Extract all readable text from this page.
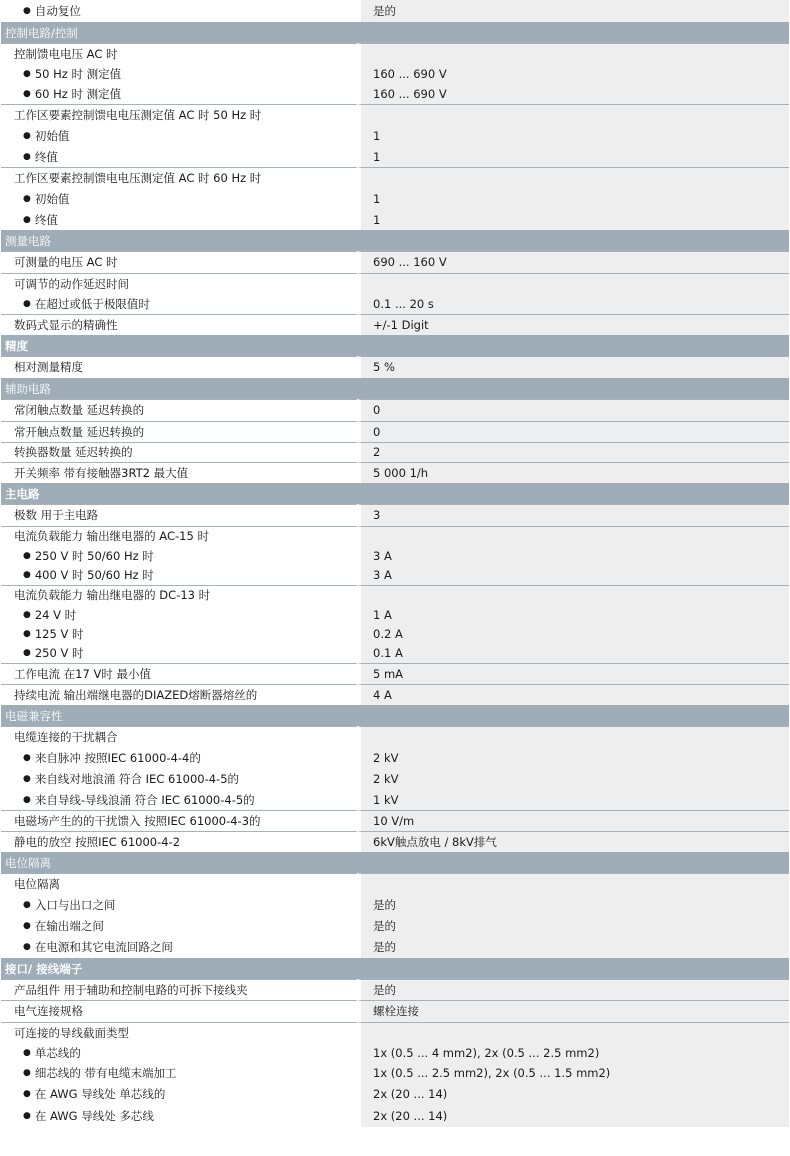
● 自动复位	是的
控制电路/控制
控制馈电电压 AC 时
● 50 Hz 时 测定值	160 ... 690 V
● 60 Hz 时 测定值	160 ... 690 V
工作区要素控制馈电电压测定值 AC 时 50 Hz 时
● 初始值	1
● 终值	1
工作区要素控制馈电电压测定值 AC 时 60 Hz 时
● 初始值	1
● 终值	1
测量电路
可测量的电压 AC 时	690 ... 160 V
可调节的动作延迟时间
● 在超过或低于极限值时	0.1 ... 20 s
数码式显示的精确性	+/-1 Digit
精度
相对测量精度	5 %
辅助电路
常闭触点数量 延迟转换的	0
常开触点数量 延迟转换的	0
转换器数量 延迟转换的	2
开关频率 带有接触器3RT2 最大值	5 000 1/h
主电路
极数 用于主电路	3
电流负载能力 输出继电器的 AC-15 时
● 250 V 时 50/60 Hz 时	3 A
● 400 V 时 50/60 Hz 时	3 A
电流负载能力 输出继电器的 DC-13 时
● 24 V 时	1 A
● 125 V 时	0.2 A
● 250 V 时	0.1 A
工作电流 在17 V时 最小值	5 mA
持续电流 输出端继电器的DIAZED熔断器熔丝的	4 A
电磁兼容性
电缆连接的干扰耦合
● 来自脉冲 按照IEC 61000-4-4的	2 kV
● 来自线对地浪涌 符合 IEC 61000-4-5的	2 kV
● 来自导线-导线浪涌 符合 IEC 61000-4-5的	1 kV
电磁场产生的的干扰馈入 按照IEC 61000-4-3的	10 V/m
静电的放空 按照IEC 61000-4-2	6kV触点放电 / 8kV排气
电位隔离
电位隔离
● 入口与出口之间	是的
● 在输出端之间	是的
● 在电源和其它电流回路之间	是的
接口/ 接线端子
产品组件 用于辅助和控制电路的可拆下接线夹	是的
电气连接规格	螺栓连接
可连接的导线截面类型
● 单芯线的	1x (0.5 ... 4 mm2), 2x (0.5 ... 2.5 mm2)
● 细芯线的 带有电缆末端加工	1x (0.5 ... 2.5 mm2), 2x (0.5 ... 1.5 mm2)
● 在 AWG 导线处 单芯线的	2x (20 ... 14)
● 在 AWG 导线处 多芯线	2x (20 ... 14)
